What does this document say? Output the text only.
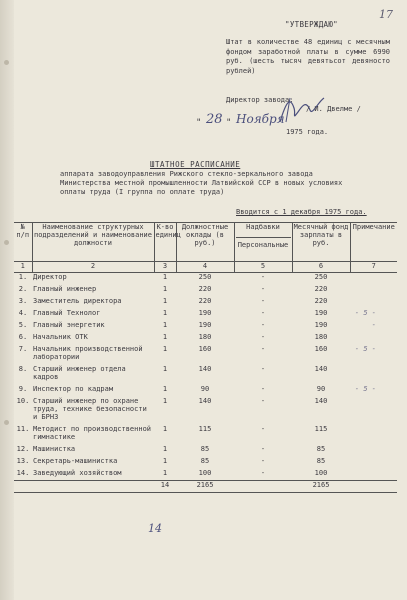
17
"УТВЕРЖДАЮ"
Штат в количестве 48 единиц с месячным фондом заработной платы в сумме 6990 руб. (шесть тысяч девятьсот девяносто рублей)
Директор завода:
" 28 " Ноября
1975 года.
/ И. Двелме /
ШТАТНОЕ РАСПИСАНИЕ
аппарата заводоуправления Рижского стекло-зеркального завода Министерства местной промышленности Латвийской ССР в новых условиях оплаты труда (I группа по оплате труда)
Вводится с 1 декабря 1975 года.
№ п/п	Наименование структурных подразделений и наименование должности	К-во единиц	Должностные оклады (в руб.)	Надбавки
Персональные	Месячный фонд зарплаты в руб.	Примечание	
1	2	3	4	5	6	7	
1.	Директор	1	250	-	250		
2.	Главный инженер	1	220	-	220		
3.	Заместитель директора	1	220	-	220		
4.	Главный Технолог	1	190	-	190	- 5 -	
5.	Главный энергетик	1	190	-	190	-	
6.	Начальник ОТК	1	180	-	180		
7.	Начальник производственной лаборатории	1	160	-	160	- 5 -	
8.	Старший инженер отдела кадров	1	140	-	140		
9.	Инспектор по кадрам	1	90	-	90	- 5 -	
10.	Старший инженер по охране труда, технике безопасности и БРНЗ	1	140	-	140		
11.	Методист по производственной гимнастике	1	115	-	115		
12.	Машинистка	1	85	-	85		
13.	Секретарь-машинистка	1	85	-	85		
14.	Заведующий хозяйством	1	100	-	100		
		14	2165		2165		
14
